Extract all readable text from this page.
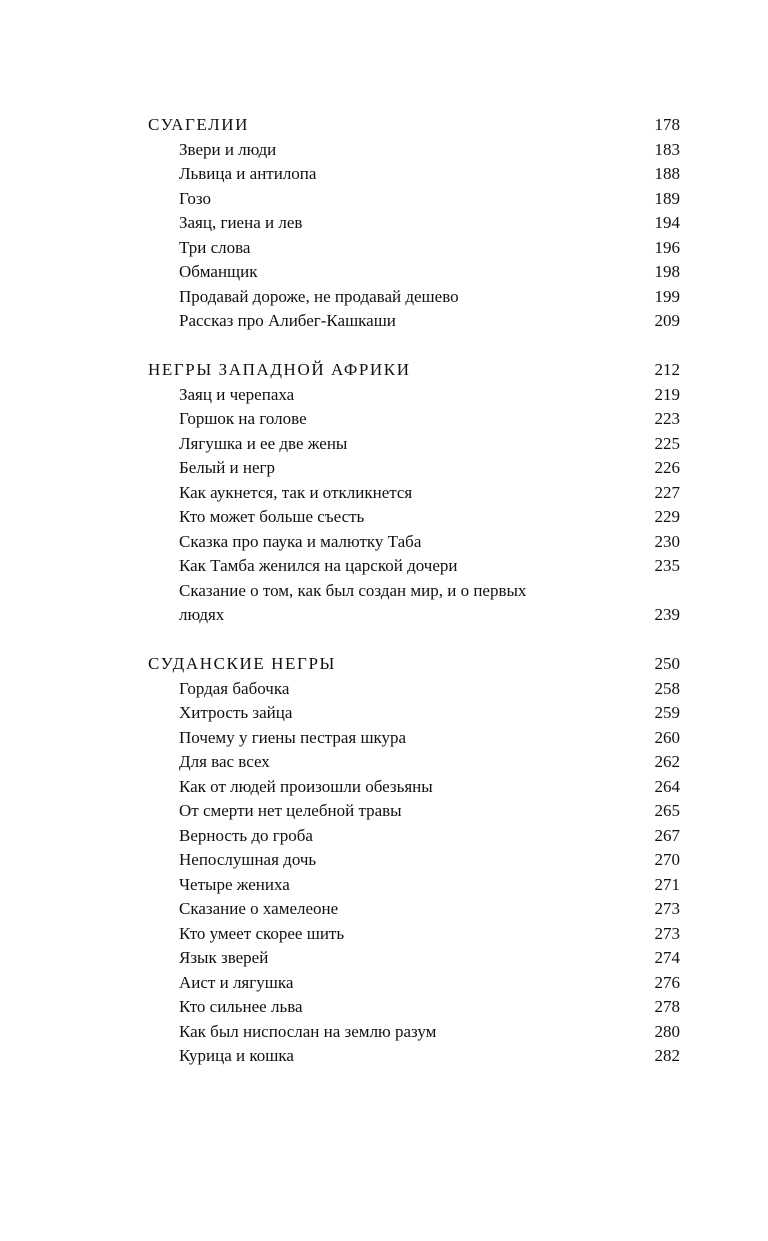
СУАГЕЛИИ	178
Звери и люди	183
Львица и антилопа	188
Гозо	189
Заяц, гиена и лев	194
Три слова	196
Обманщик	198
Продавай дороже, не продавай дешево	199
Рассказ про Алибег-Кашкаши	209
НЕГРЫ ЗАПАДНОЙ АФРИКИ	212
Заяц и черепаха	219
Горшок на голове	223
Лягушка и ее две жены	225
Белый и негр	226
Как аукнется, так и откликнется	227
Кто может больше съесть	229
Сказка про паука и малютку Таба	230
Как Тамба женился на царской дочери	235
Сказание о том, как был создан мир, и о первых
людях	239
СУДАНСКИЕ НЕГРЫ	250
Гордая бабочка	258
Хитрость зайца	259
Почему у гиены пестрая шкура	260
Для вас всех	262
Как от людей произошли обезьяны	264
От смерти нет целебной травы	265
Верность до гроба	267
Непослушная дочь	270
Четыре жениха	271
Сказание о хамелеоне	273
Кто умеет скорее шить	273
Язык зверей	274
Аист и лягушка	276
Кто сильнее льва	278
Как был ниспослан на землю разум	280
Курица и кошка	282
